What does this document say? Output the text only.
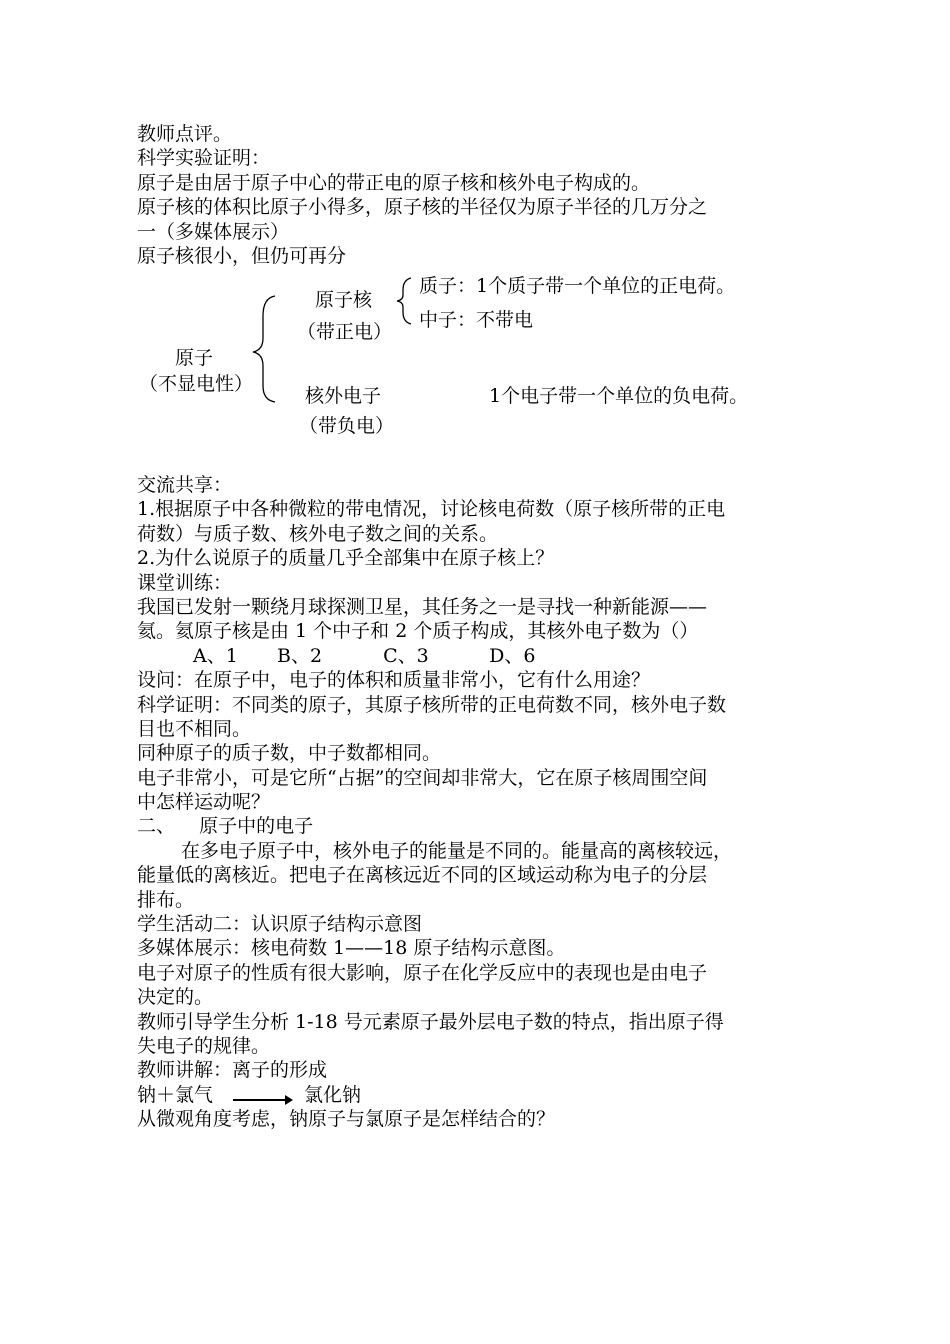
教师点评。
科学实验证明：
原子是由居于原子中心的带正电的原子核和核外电子构成的。
原子核的体积比原子小得多，原子核的半径仅为原子半径的几万分之
一（多媒体展示）
原子核很小，但仍可再分
原子
（不显电性）
原子核
（带正电）
质子：1个质子带一个单位的正电荷。
中子：不带电
核外电子
（带负电）
1个电子带一个单位的负电荷。
交流共享：
1.根据原子中各种微粒的带电情况，讨论核电荷数（原子核所带的正电
荷数）与质子数、核外电子数之间的关系。
2.为什么说原子的质量几乎全部集中在原子核上？
课堂训练：
我国已发射一颗绕月球探测卫星，其任务之一是寻找一种新能源——
氦。氦原子核是由 1 个中子和 2 个质子构成，其核外电子数为（）
A、1 B、2	C、3	D、6
设问：在原子中，电子的体积和质量非常小，它有什么用途？
科学证明：不同类的原子，其原子核所带的正电荷数不同，核外电子数
目也不相同。
同种原子的质子数，中子数都相同。
电子非常小，可是它所“占据”的空间却非常大，它在原子核周围空间
中怎样运动呢？
二、    原子中的电子
在多电子原子中，核外电子的能量是不同的。能量高的离核较远，
能量低的离核近。把电子在离核远近不同的区域运动称为电子的分层
排布。
学生活动二：认识原子结构示意图
多媒体展示：核电荷数 1——18 原子结构示意图。
电子对原子的性质有很大影响，原子在化学反应中的表现也是由电子
决定的。
教师引导学生分析 1-18 号元素原子最外层电子数的特点，指出原子得
失电子的规律。
教师讲解：离子的形成
钠＋氯气 → 氯化钠
从微观角度考虑，钠原子与氯原子是怎样结合的？
